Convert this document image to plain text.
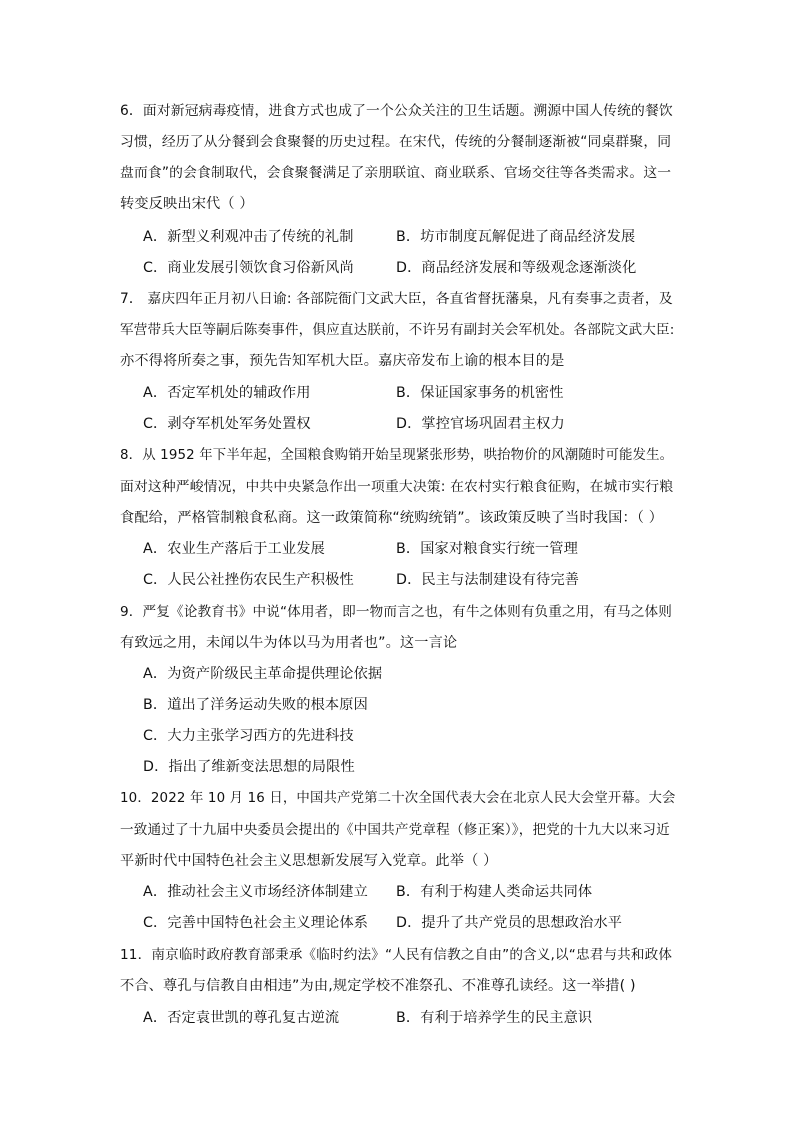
6．面对新冠病毒疫情，进食方式也成了一个公众关注的卫生话题。溯源中国人传统的餐饮
习惯，经历了从分餐到会食聚餐的历史过程。在宋代，传统的分餐制逐渐被“同桌群聚，同
盘而食”的会食制取代，会食聚餐满足了亲朋联谊、商业联系、官场交往等各类需求。这一
转变反映出宋代（ ）
A．新型义利观冲击了传统的礼制	B．坊市制度瓦解促进了商品经济发展
C．商业发展引领饮食习俗新风尚	D．商品经济发展和等级观念逐渐淡化
7． 嘉庆四年正月初八日谕: 各部院衙门文武大臣，各直省督抚藩臬，凡有奏事之责者，及
军营带兵大臣等嗣后陈奏事件，俱应直达朕前，不许另有副封关会军机处。各部院文武大臣:
亦不得将所奏之事，预先告知军机大臣。嘉庆帝发布上谕的根本目的是
A．否定军机处的辅政作用	B．保证国家事务的机密性
C．剥夺军机处军务处置权	D．掌控官场巩固君主权力
8．从 1952 年下半年起，全国粮食购销开始呈现紧张形势，哄抬物价的风潮随时可能发生。
面对这种严峻情况，中共中央紧急作出一项重大决策: 在农村实行粮食征购，在城市实行粮
食配给，严格管制粮食私商。这一政策简称“统购统销”。该政策反映了当时我国：（ ）
A．农业生产落后于工业发展	B．国家对粮食实行统一管理
C．人民公社挫伤农民生产积极性	D．民主与法制建设有待完善
9．严复《论教育书》中说“体用者，即一物而言之也，有牛之体则有负重之用，有马之体则
有致远之用，未闻以牛为体以马为用者也”。这一言论
A．为资产阶级民主革命提供理论依据
B．道出了洋务运动失败的根本原因
C．大力主张学习西方的先进科技
D．指出了维新变法思想的局限性
10．2022 年 10 月 16 日，中国共产党第二十次全国代表大会在北京人民大会堂开幕。大会
一致通过了十九届中央委员会提出的《中国共产党章程（修正案）》，把党的十九大以来习近
平新时代中国特色社会主义思想新发展写入党章。此举（ ）
A．推动社会主义市场经济体制建立 B．有利于构建人类命运共同体
C．完善中国特色社会主义理论体系 D．提升了共产党员的思想政治水平
11．南京临时政府教育部秉承《临时约法》“人民有信教之自由”的含义,以“忠君与共和政体
不合、尊孔与信教自由相违”为由,规定学校不准祭孔、不准尊孔读经。这一举措( )
A．否定袁世凯的尊孔复古逆流	B．有利于培养学生的民主意识
